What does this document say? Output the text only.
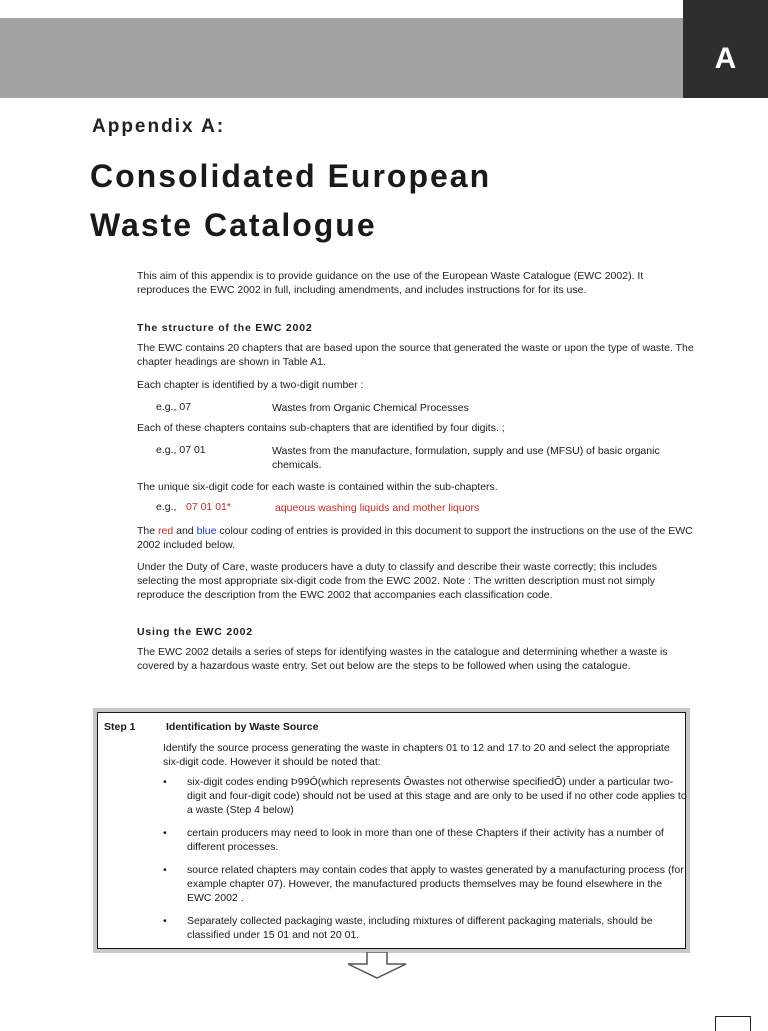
A
Appendix A:
Consolidated European
Waste Catalogue

This aim of this appendix is to provide guidance on the use of the European Waste Catalogue (EWC 2002). It reproduces the EWC 2002 in full, including amendments, and includes instructions for for its use.

The structure of the EWC 2002

The EWC contains 20 chapters that are based upon the source that generated the waste or upon the type of waste. The chapter headings are shown in Table A1.

Each chapter is identified by a two-digit number :

e.g., 07	Wastes from Organic Chemical Processes

Each of these chapters contains sub-chapters that are identified by four digits. ;

e.g., 07 01	Wastes from the manufacture, formulation, supply and use (MFSU) of basic organic chemicals.

The unique six-digit code for each waste is contained within the sub-chapters.

e.g., 07 01 01*	aqueous washing liquids and mother liquors

The red and blue colour coding of entries is provided in this document to support the instructions on the use of the EWC 2002 included below.

Under the Duty of Care, waste producers have a duty to classify and describe their waste correctly; this includes selecting the most appropriate six-digit code from the EWC 2002. Note : The written description must not simply reproduce the description from the EWC 2002 that accompanies each classification code.

Using the EWC 2002

The EWC 2002 details a series of steps for identifying wastes in the catalogue and determining whether a waste is covered by a hazardous waste entry. Set out below are the steps to be followed when using the catalogue.

Step 1	Identification by Waste Source

Identify the source process generating the waste in chapters 01 to 12 and 17 to 20 and select the appropriate six-digit code. However it should be noted that:

• six-digit codes ending Þ99Ó(which represents Ôwastes not otherwise specifiedÕ) under a particular two-digit and four-digit code) should not be used at this stage and are only to be used if no other code applies to a waste (Step 4 below)
• certain producers may need to look in more than one of these Chapters if their activity has a number of different processes.
• source related chapters may contain codes that apply to wastes generated by a manufacturing process (for example chapter 07). However, the manufactured products themselves may be found elsewhere in the EWC 2002 .
• Separately collected packaging waste, including mixtures of different packaging materials, should be classified under 15 01 and not 20 01.
